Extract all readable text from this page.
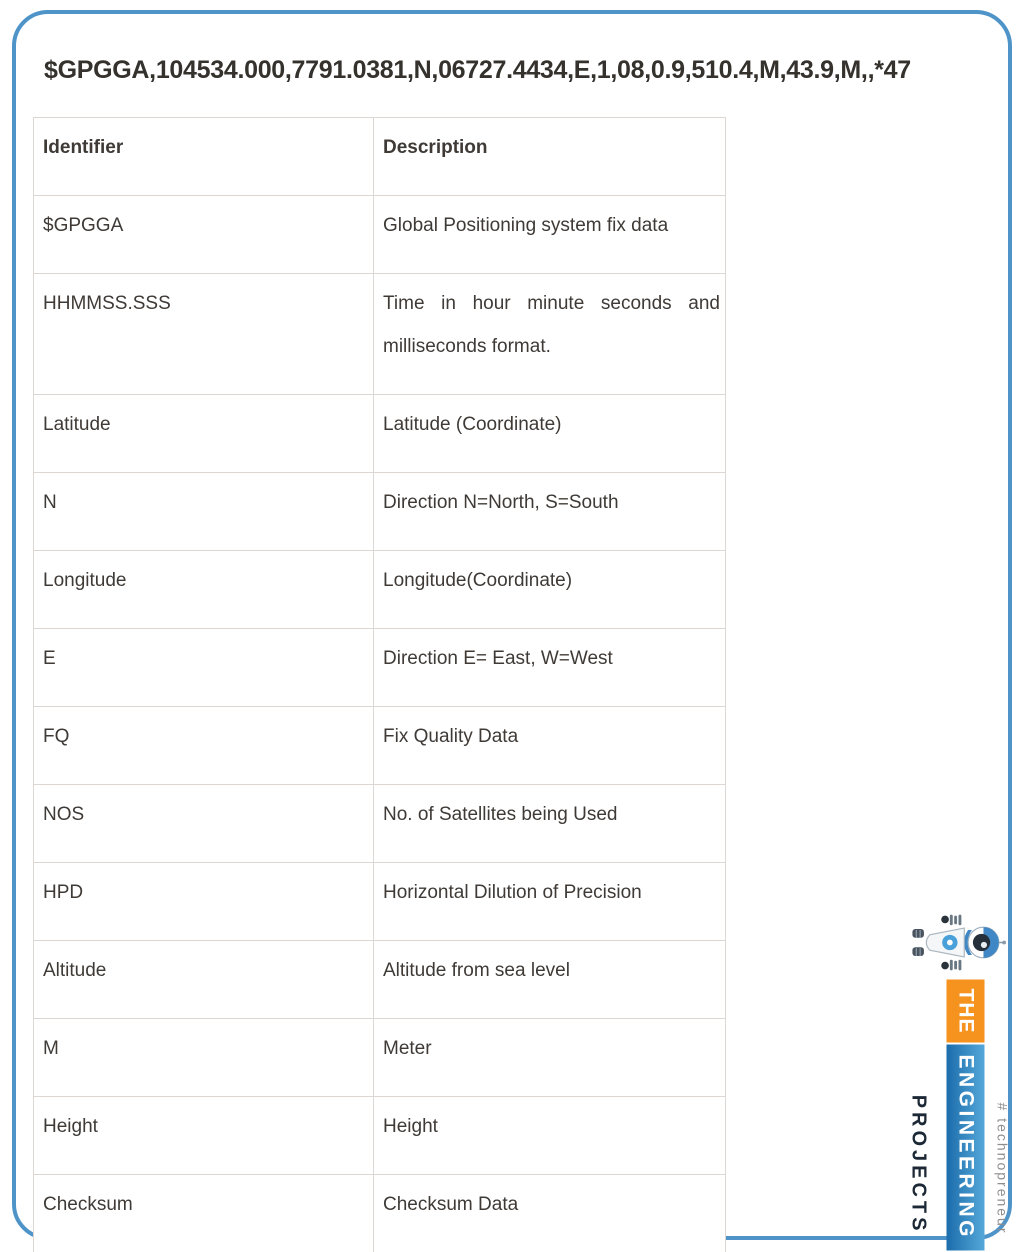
$GPGGA,104534.000,7791.0381,N,06727.4434,E,1,08,0.9,510.4,M,43.9,M,,*47
Identifier	Description
$GPGGA	Global Positioning system fix data
HHMMSS.SSS	Time in hour minute seconds and milliseconds format.
Latitude	Latitude (Coordinate)
N	Direction N=North, S=South
Longitude	Longitude(Coordinate)
E	Direction E= East, W=West
FQ	Fix Quality Data
NOS	No. of Satellites being Used
HPD	Horizontal Dilution of Precision
Altitude	Altitude from sea level
M	Meter
Height	Height
Checksum	Checksum Data	# technopreneur
THE
ENGINEERING
PROJECTS
